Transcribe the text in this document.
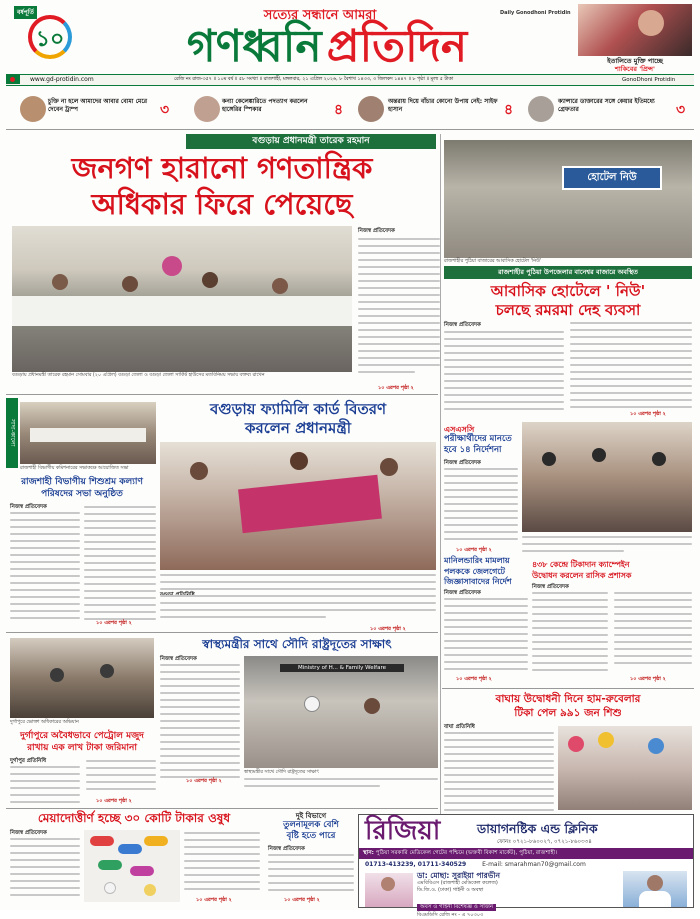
বর্ষপূর্তি
১০
সত্যের সন্ধানে আমরা
গণধ্বনি প্রতিদিন
Daily Gonodhoni Protidin
ইতালিতে মুক্তি পাচ্ছে
শাকিবের 'প্রিন্স'
www.gd-protidin.com	রেজি নং রাজ-৩৫৭ ॥ ১০ম বর্ষ ॥ ৫৮ সংখ্যা ॥ রাজশাহী, মঙ্গলবার, ২১ এপ্রিল ২০২৬, ৮ বৈশাখ ১৪৩৩, ৩ জিলকদ ১৪৪৭ ॥ ৮ পৃষ্ঠা ॥ মূল্য ৫ টাকা	GonoDhoni Protidin
চুক্তি না হলে আমাদের আবার বোমা মেরে দেবেন ট্রাম্প	৩
কন্যা কেলেঙ্কারিতে পদত্যাগ করলেন হাঙ্গেরির স্পিকার	৪
অন্তরায় দিয়ে বাঁচার কোনো উপায় নেই: সাইফ হাসান	৪
ক্যান্সারে ডাক্তারের সঙ্গে কেয়ার ইতিমধ্যে গ্রেফতার	৩
বগুড়ায় প্রধানমন্ত্রী তারেক রহমান
জনগণ হারানো গণতান্ত্রিক
অধিকার ফিরে পেয়েছে
বগুড়ায় প্রধানমন্ত্রী তারেক রহমান সোমবার (২০ এপ্রিল) বগুড়া জেলা ও বগুড়া জেলা সার্কিট হাউসের মতবিনিময় সভায় বক্তব্য রাখেন
নিজস্ব প্রতিবেদক
১০ এরপর পৃষ্ঠা ২
হোটেল নিউ
রাজশাহীর পুঠিয়া বাজারের আবাসিক হোটেল 'নিউ'
রাজশাহীর পুঠিয়া উপজেলার বানেশ্বর বাজারে অবস্থিত
আবাসিক হোটেলে ' নিউ'
চলছে রমরমা দেহ ব্যবসা
নিজস্ব প্রতিবেদক
১০ এরপর পৃষ্ঠা ২
বগুড়ায় ফ্যামিলি কার্ড বিতরণ
করলেন প্রধানমন্ত্রী
১০ এরপর পৃষ্ঠা ২
সাদা-কালো
রাজশাহী বিভাগীয় কমিশনারের সভাকক্ষে আয়োজিত সভা
রাজশাহী বিভাগীয় শিশুশ্রম কল্যাণ
পরিষদের সভা অনুষ্ঠিত
নিজস্ব প্রতিবেদক
১০ এরপর পৃষ্ঠা ২
এসএসসি
পরীক্ষার্থীদের মানতে
হবে ১৪ নির্দেশনা
নিজস্ব প্রতিবেদক
১০ এরপর পৃষ্ঠা ২
মানিলন্ডারিং মামলায়
পলককে জেলগেটে
জিজ্ঞাসাবাদের নির্দেশ
নিজস্ব প্রতিবেদক
১০ এরপর পৃষ্ঠা ২
৪৩৮ কেন্দ্রে টিকাদান ক্যাম্পেইন
উদ্বোধন করলেন রাসিক প্রশাসক
নিজস্ব প্রতিবেদক
১০ এরপর পৃষ্ঠা ২
বাঘায় উদ্বোধনী দিনে হাম-রুবেলার
টিকা পেল ৯৯১ জন শিশু
বাঘা প্রতিনিধি
স্বাস্থ্যমন্ত্রীর সাথে সৌদি রাষ্ট্রদূতের সাক্ষাৎ
নিজস্ব প্রতিবেদক
১০ এরপর পৃষ্ঠা ২
Ministry of H... & Family Welfare
স্বাস্থ্যমন্ত্রীর সাথে সৌদি রাষ্ট্রদূতের সাক্ষাৎ
দুর্গাপুরে ভোক্তা অধিকারের অভিযান
দুর্গাপুরে অবৈধভাবে পেট্রোল মজুদ
রাখায় এক লাখ টাকা জরিমানা
দুর্গাপুর প্রতিনিধি
১০ এরপর পৃষ্ঠা ২
মেয়াদোত্তীর্ণ হচ্ছে ৩০ কোটি টাকার ওষুধ
নিজস্ব প্রতিবেদক
১০ এরপর পৃষ্ঠা ২
দুই বিভাগে
তুলনামূলক বেশি
বৃষ্টি হতে পারে
নিজস্ব প্রতিবেদক
১০ এরপর পৃষ্ঠা ২
রিজিয়া	ডায়াগনষ্টিক এন্ড ক্লিনিক
ফোনঃ ০৭২১-৮৬০০২৭, ০৭২১-৮৬০৩৩৪
স্থান: পুঠিয়া সরকারি মেডিকেল গেটের পশ্চিমে (ভক্তবী বিকাশ মার্কেট), পুঠিয়া, রাজশাহী।
01713-413239, 01711-340529	E-mail: smarahman70@gmail.com
ডা: মোছা: সুরাইয়া পারভীন
এমবিবিএস (রাজশাহী মেডিকেল কলেজ)
ডি.জি.ও. (ঢাকা) গাইনী ও অবস্থা
অবস ও গাইনী বিশেষজ্ঞ ও সার্জন
বিএমডিসি রেজি নং - এ ৭০৩০৩
